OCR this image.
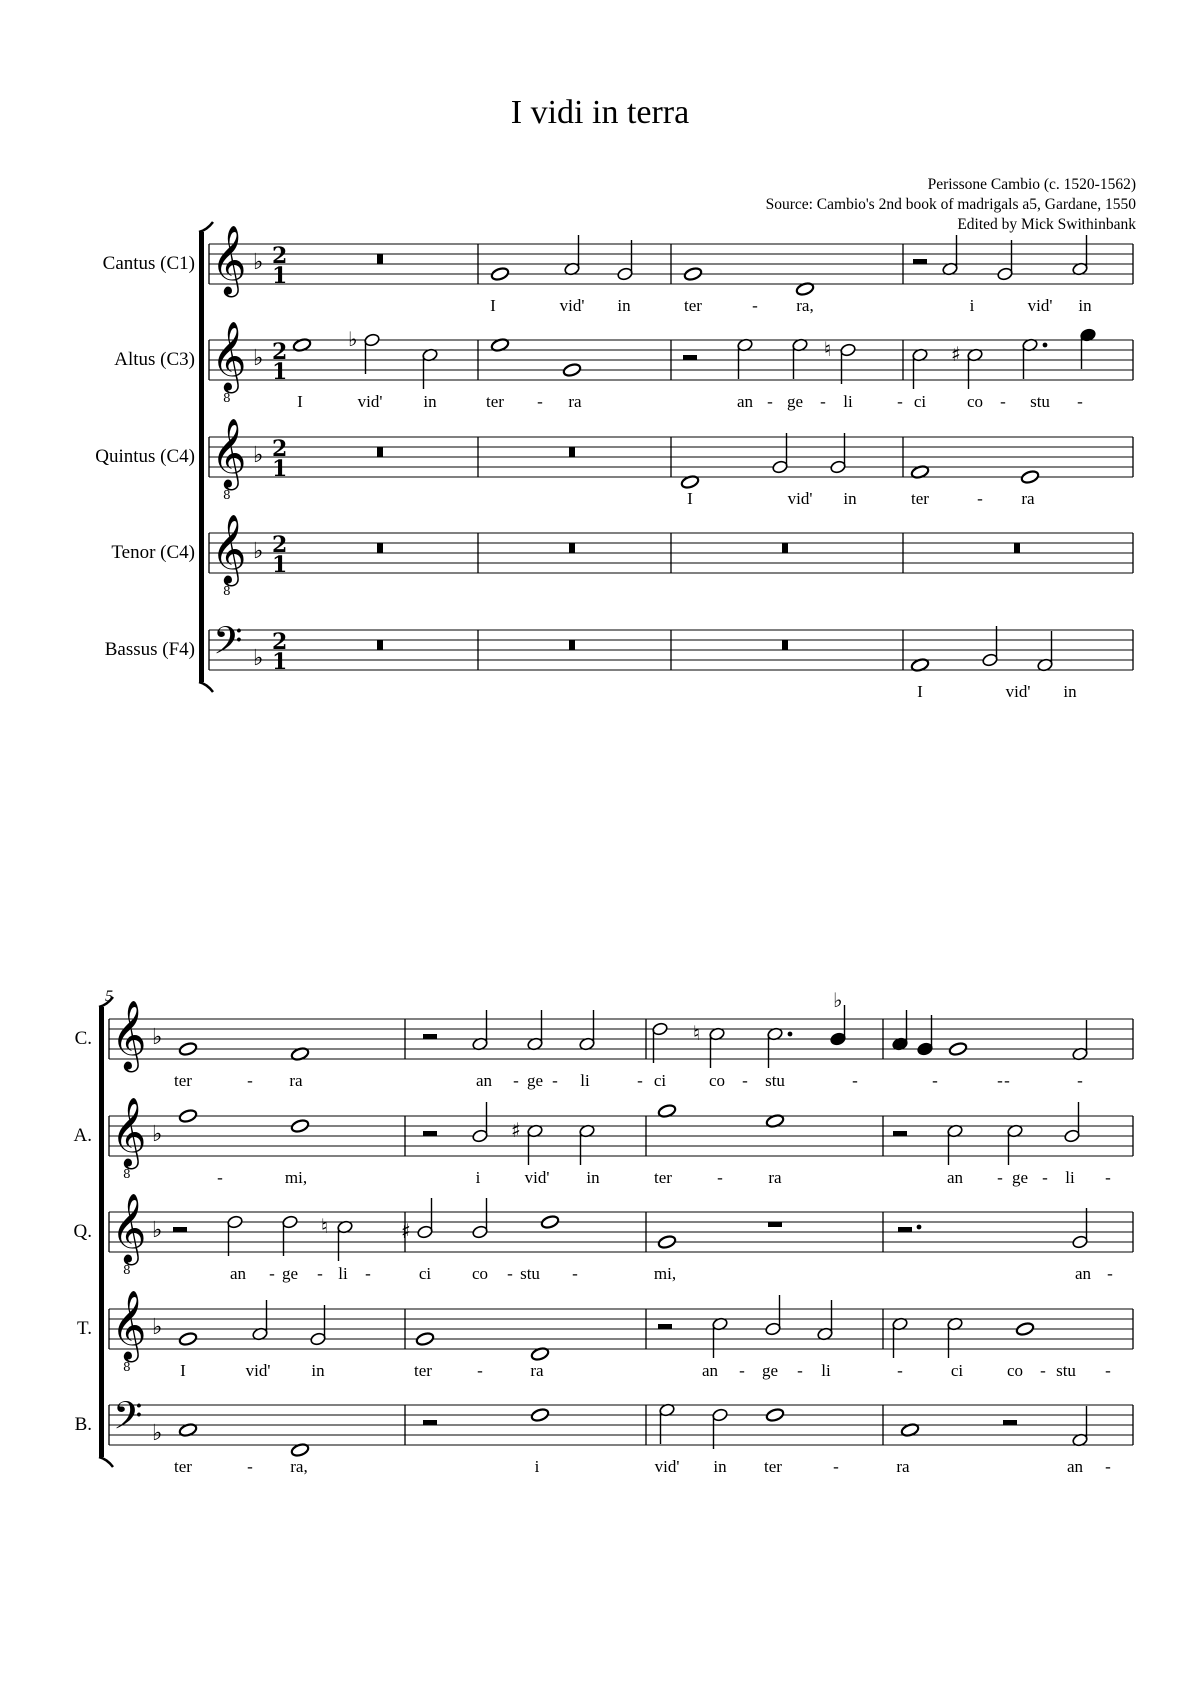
I vidi in terra
Perissone Cambio (c. 1520-1562)
Source: Cambio's 2nd book of madrigals a5, Gardane, 1550
Edited by Mick Swithinbank
Cantus (C1) 𝄞 ♭ 2
1
I	vid' in	ter	- ra,	i	vid' in
Altus (C3) 𝄞
8
♭ 2
1
♭	♮	♯
I	vid' in	ter - ra	an - ge - li	- ci co - stu -
Quintus (C4) 𝄞
8
♭ 2
1
I	vid' in	ter	- ra
Tenor (C4) 𝄞
8
♭ 2
1
Bassus (F4) 𝄢 ♭
2
1
I	vid' in
5
C. 𝄞 ♭	♮
♭
ter	- ra	an - ge - li	- ci	co - stu	-
-	-	-	-
A. 𝄞
8
♭	♯
-	mi,	i	vid' in	ter	-	ra	an - ge - li -
Q. 𝄞
8
♭	♮	♯
an - ge - li -	ci co - stu -	mi,	an -
T. 𝄞
8
♭
I	vid' in	ter	-	ra	an - ge - li	-	ci	co - stu -
B. 𝄢 ♭
ter	- ra,	i	vid' in ter	-	ra	an -
